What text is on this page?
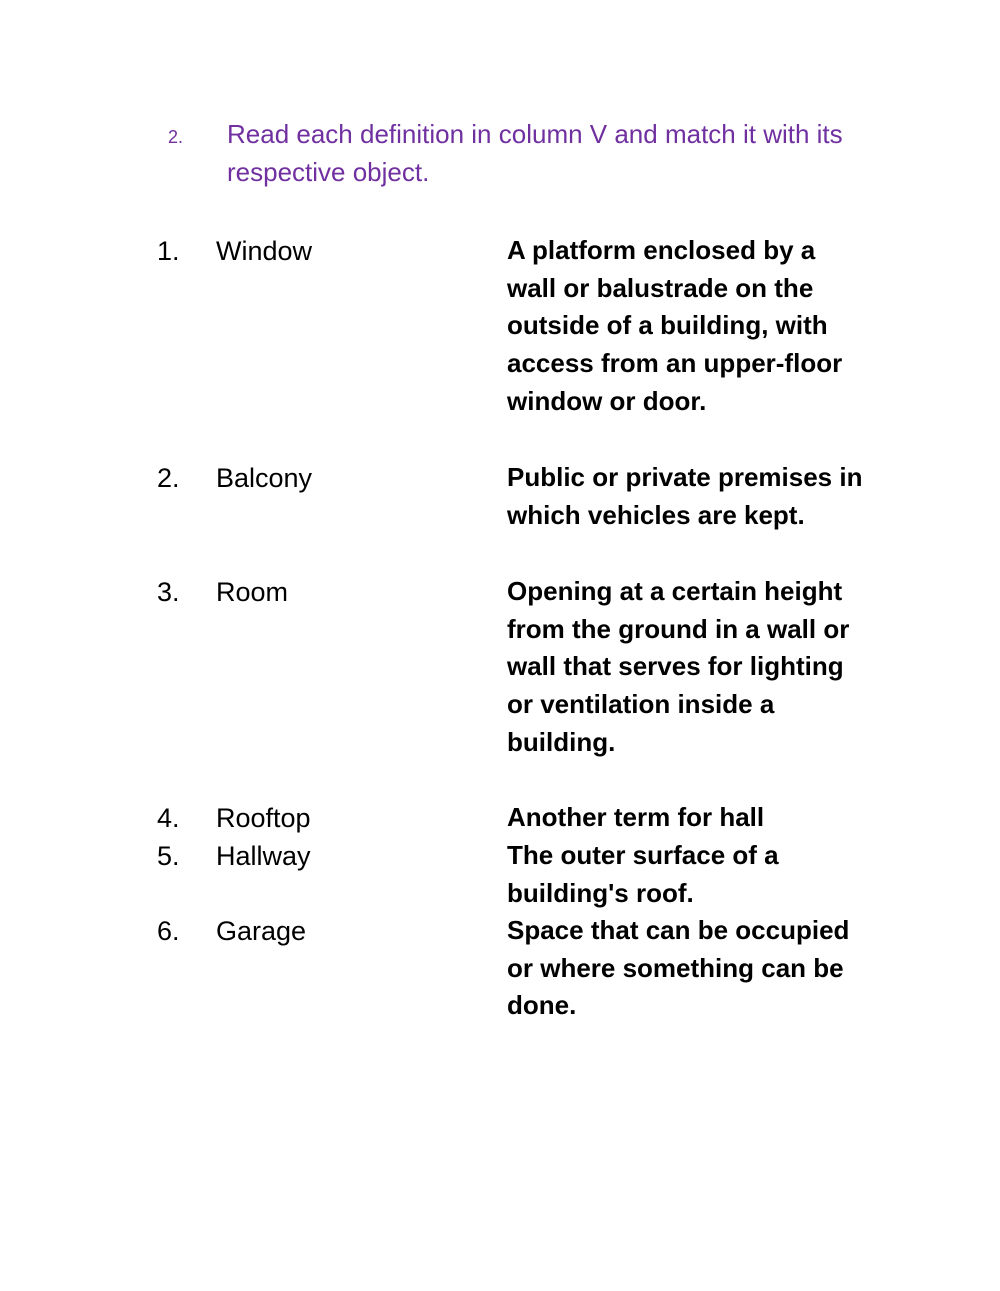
2. Read each definition in column V and match it with its respective object.
1. Window	A platform enclosed by a wall or balustrade on the outside of a building, with access from an upper-floor window or door.
2. Balcony	Public or private premises in which vehicles are kept.
3. Room	Opening at a certain height from the ground in a wall or wall that serves for lighting or ventilation inside a building.
4. Rooftop	Another term for hall
5. Hallway	The outer surface of a building's roof.
6. Garage	Space that can be occupied or where something can be done.
